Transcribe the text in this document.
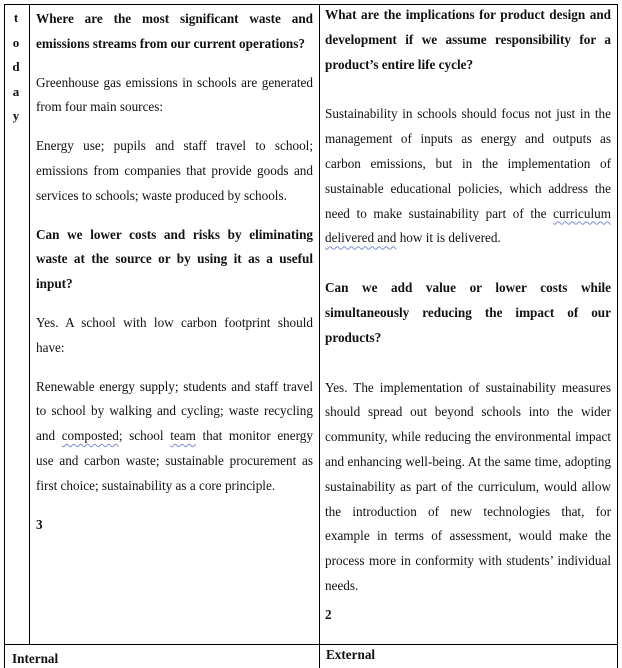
t
o
d
a
y

Where are the most significant waste and emissions streams from our current operations?

Greenhouse gas emissions in schools are generated from four main sources:

Energy use; pupils and staff travel to school; emissions from companies that provide goods and services to schools; waste produced by schools.

Can we lower costs and risks by eliminating waste at the source or by using it as a useful input?

Yes. A school with low carbon footprint should have:

Renewable energy supply; students and staff travel to school by walking and cycling; waste recycling and composted; school team that monitor energy use and carbon waste; sustainable procurement as first choice; sustainability as a core principle.

3

What are the implications for product design and development if we assume responsibility for a product’s entire life cycle?

Sustainability in schools should focus not just in the management of inputs as energy and outputs as carbon emissions, but in the implementation of sustainable educational policies, which address the need to make sustainability part of the curriculum delivered and how it is delivered.

Can we add value or lower costs while simultaneously reducing the impact of our products?

Yes. The implementation of sustainability measures should spread out beyond schools into the wider community, while reducing the environmental impact and enhancing well-being. At the same time, adopting sustainability as part of the curriculum, would allow the introduction of new technologies that, for example in terms of assessment, would make the process more in conformity with students’ individual needs.

2

Internal	External
